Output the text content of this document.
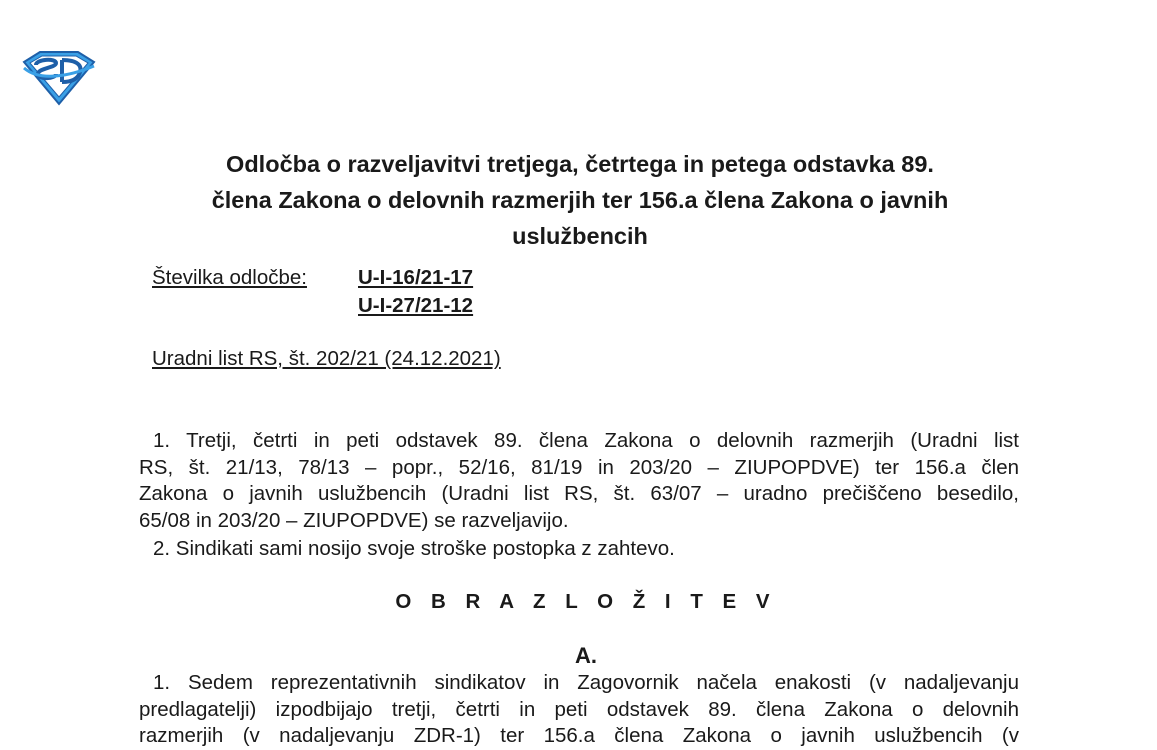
Odločba o razveljavitvi tretjega, četrtega in petega odstavka 89.
člena Zakona o delovnih razmerjih ter 156.a člena Zakona o javnih
uslužbencih
Številka odločbe: U-I-16/21-17
U-I-27/21-12
Uradni list RS, št. 202/21 (24.12.2021)
1. Tretji, četrti in peti odstavek 89. člena Zakona o delovnih razmerjih (Uradni list
RS, št. 21/13, 78/13 – popr., 52/16, 81/19 in 203/20 – ZIUPOPDVE) ter 156.a člen
Zakona o javnih uslužbencih (Uradni list RS, št. 63/07 – uradno prečiščeno besedilo,
65/08 in 203/20 – ZIUPOPDVE) se razveljavijo.
2. Sindikati sami nosijo svoje stroške postopka z zahtevo.
O B R A Z L O Ž I T E V
A.
1. Sedem reprezentativnih sindikatov in Zagovornik načela enakosti (v nadaljevanju
predlagatelji) izpodbijajo tretji, četrti in peti odstavek 89. člena Zakona o delovnih
razmerjih (v nadaljevanju ZDR-1) ter 156.a člena Zakona o javnih uslužbencih (v
